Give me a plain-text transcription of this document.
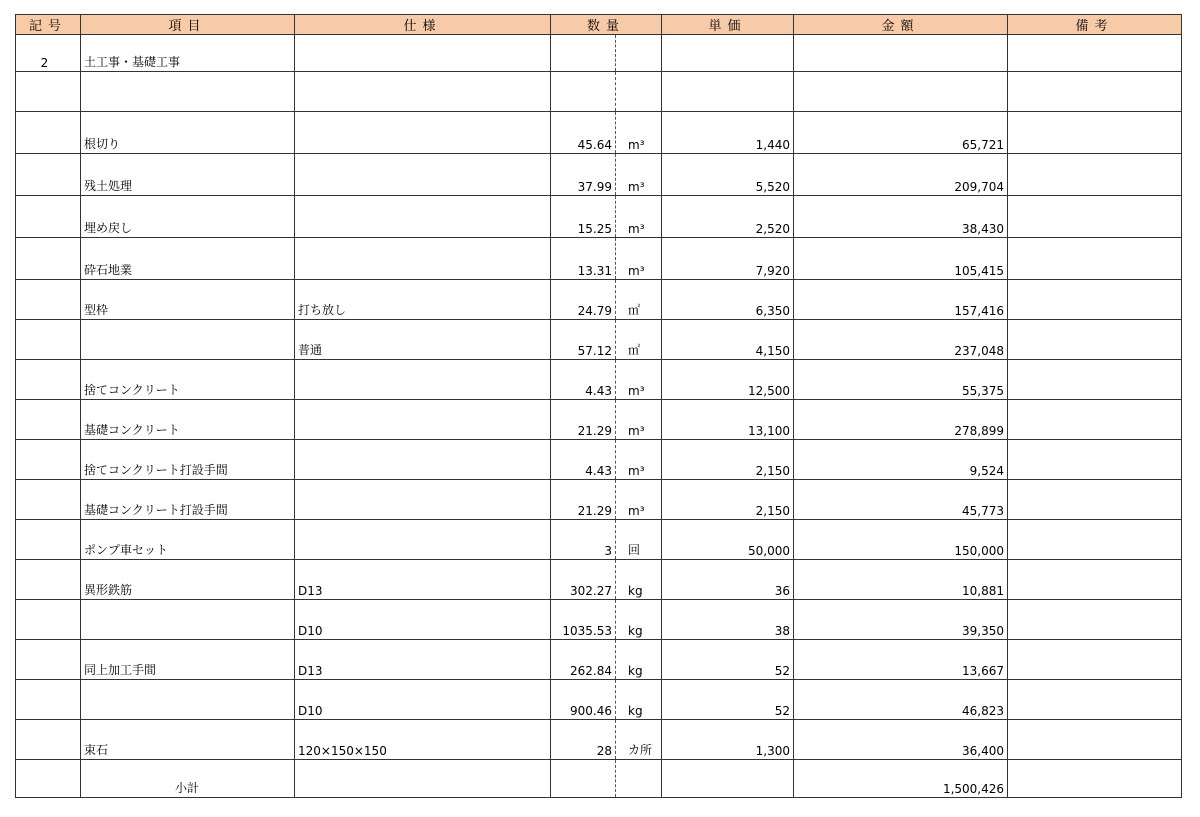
記号	項目	仕様	数量		単価	金額	備考
2	土工事・基礎工事						

	根切り		45.64	m³	1,440	65,721	
	残土処理		37.99	m³	5,520	209,704	
	埋め戻し		15.25	m³	2,520	38,430	
	砕石地業		13.31	m³	7,920	105,415	
	型枠	打ち放し	24.79	㎡	6,350	157,416	
		普通	57.12	㎡	4,150	237,048	
	捨てコンクリート		4.43	m³	12,500	55,375	
	基礎コンクリート		21.29	m³	13,100	278,899	
	捨てコンクリート打設手間		4.43	m³	2,150	9,524	
	基礎コンクリート打設手間		21.29	m³	2,150	45,773	
	ポンプ車セット		3	回	50,000	150,000	
	異形鉄筋	D13	302.27	kg	36	10,881	
		D10	1035.53	kg	38	39,350	
	同上加工手間	D13	262.84	kg	52	13,667	
		D10	900.46	kg	52	46,823	
	束石	120×150×150	28	カ所	1,300	36,400	
	小計					1,500,426	
